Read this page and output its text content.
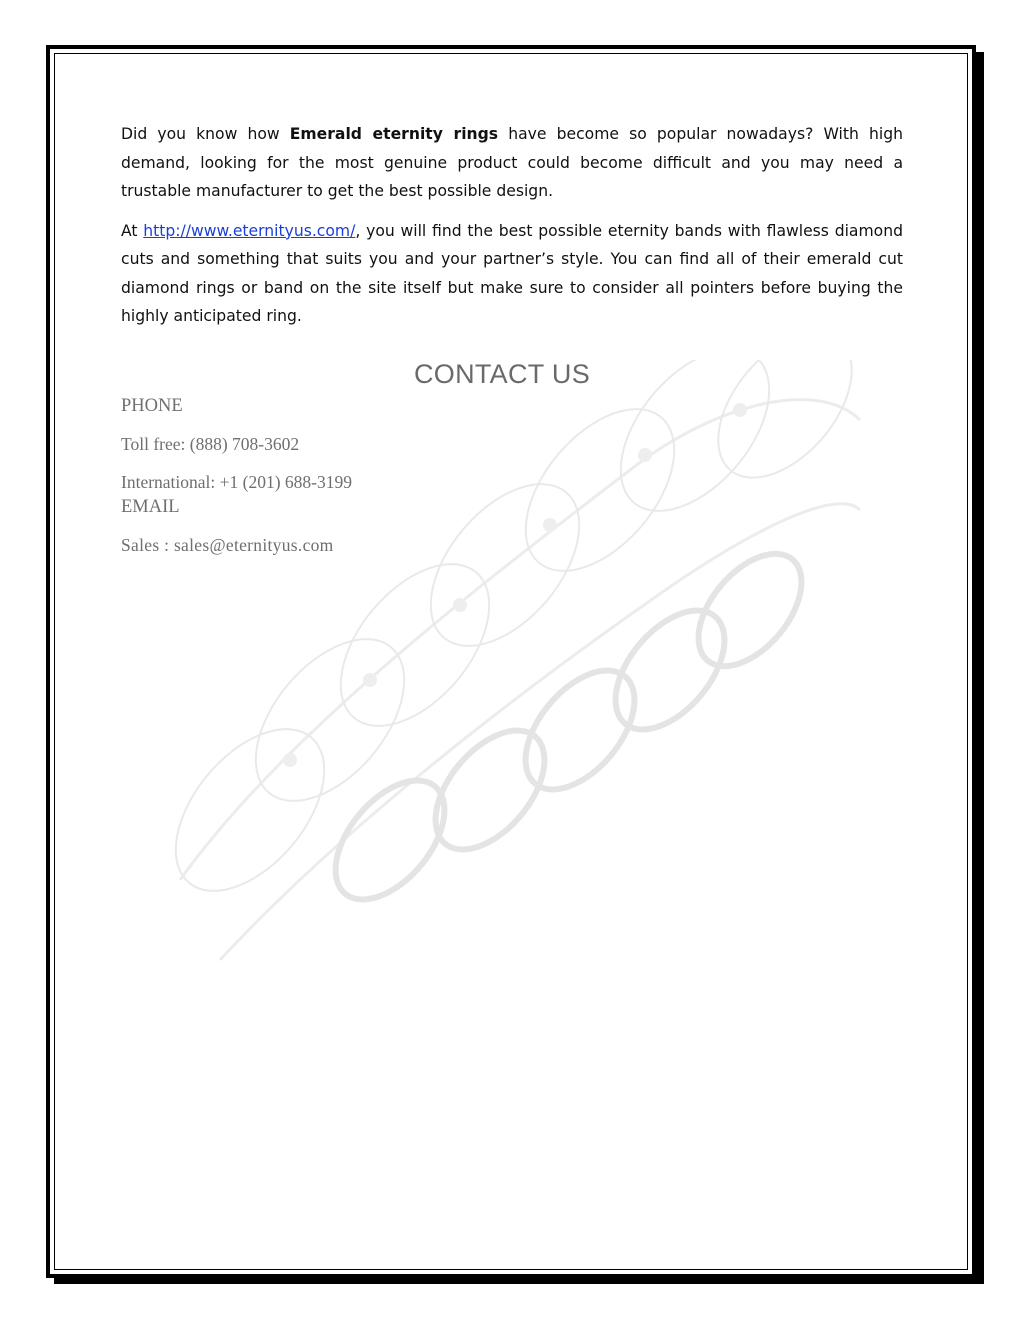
Did you know how Emerald eternity rings have become so popular nowadays? With high demand, looking for the most genuine product could become difficult and you may need a trustable manufacturer to get the best possible design.

At http://www.eternityus.com/, you will find the best possible eternity bands with flawless diamond cuts and something that suits you and your partner’s style. You can find all of their emerald cut diamond rings or band on the site itself but make sure to consider all pointers before buying the highly anticipated ring.

CONTACT US
PHONE
Toll free: (888) 708-3602
International: +1 (201) 688-3199
EMAIL
Sales : sales@eternityus.com
